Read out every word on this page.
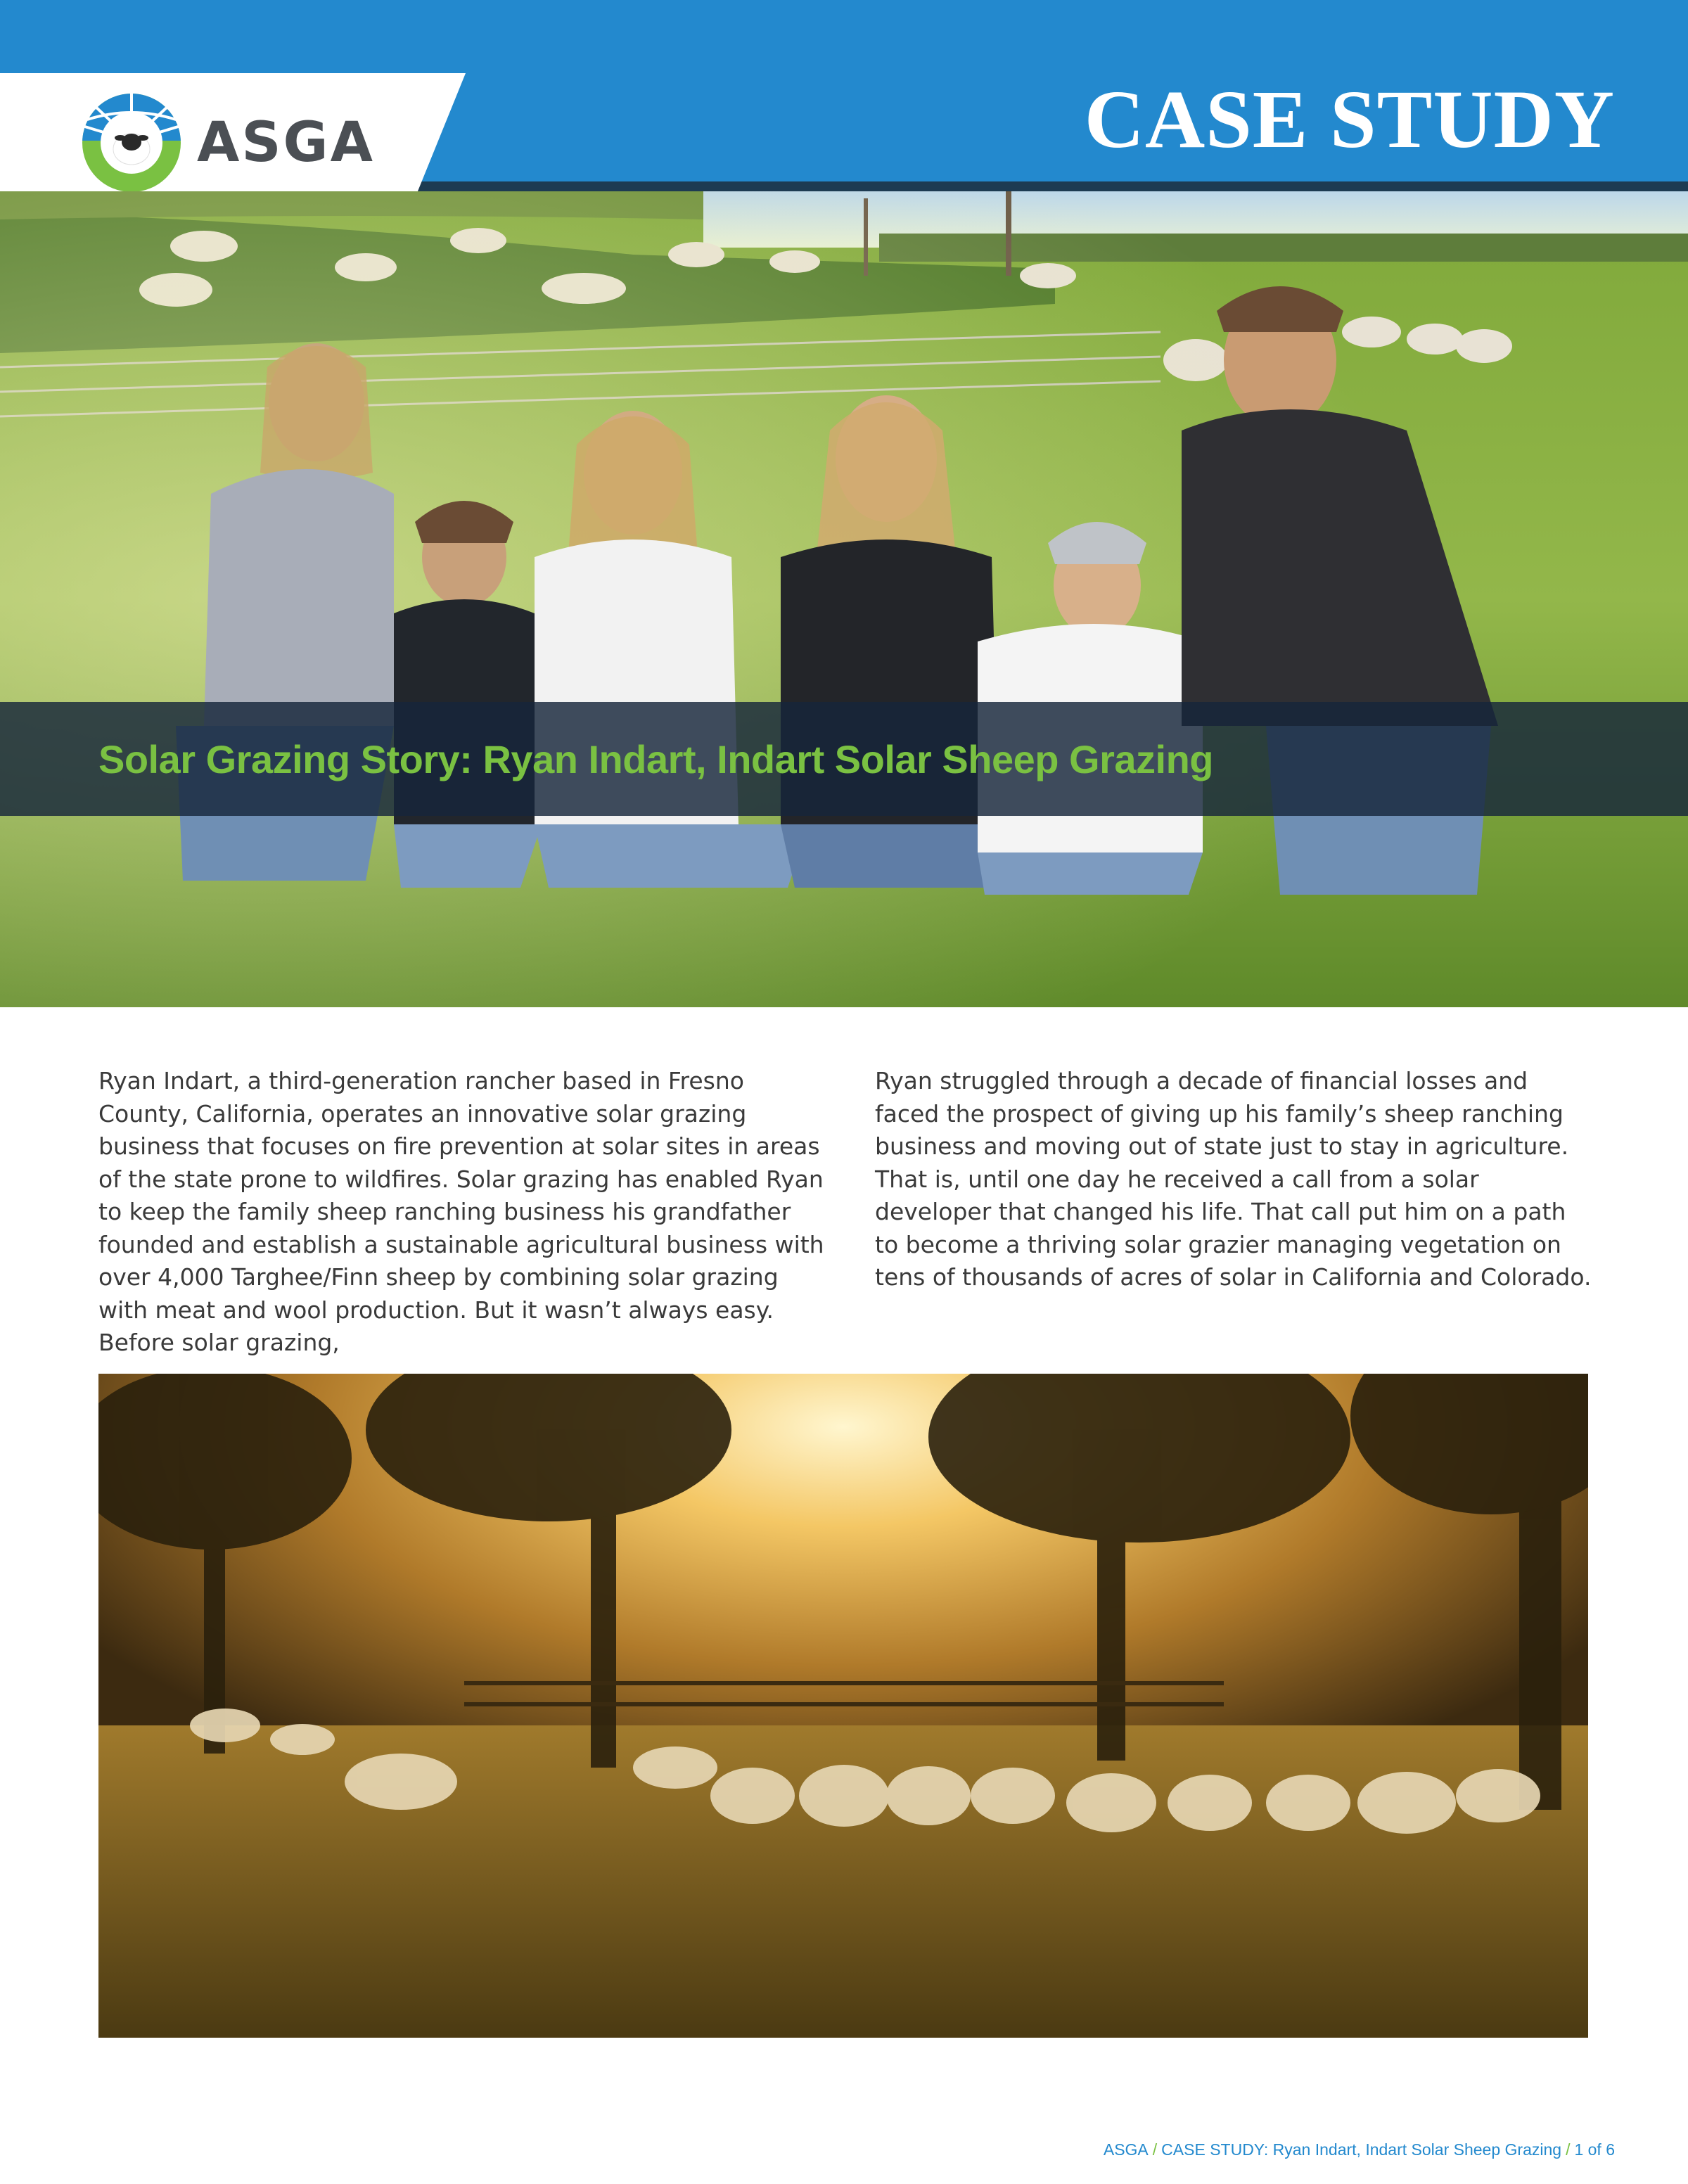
ASGA	CASE STUDY
Solar Grazing Story: Ryan Indart, Indart Solar Sheep Grazing

Ryan Indart, a third-generation rancher based in Fresno County, California, operates an innovative solar grazing business that focuses on fire prevention at solar sites in areas of the state prone to wildfires. Solar grazing has enabled Ryan to keep the family sheep ranching business his grandfather founded and establish a sustainable agricultural business with over 4,000 Targhee/Finn sheep by combining solar grazing with meat and wool production. But it wasn’t always easy. Before solar grazing,

Ryan struggled through a decade of financial losses and faced the prospect of giving up his family’s sheep ranching business and moving out of state just to stay in agriculture. That is, until one day he received a call from a solar developer that changed his life. That call put him on a path to become a thriving solar grazier managing vegetation on tens of thousands of acres of solar in California and Colorado.

ASGA / CASE STUDY: Ryan Indart, Indart Solar Sheep Grazing / 1 of 6
